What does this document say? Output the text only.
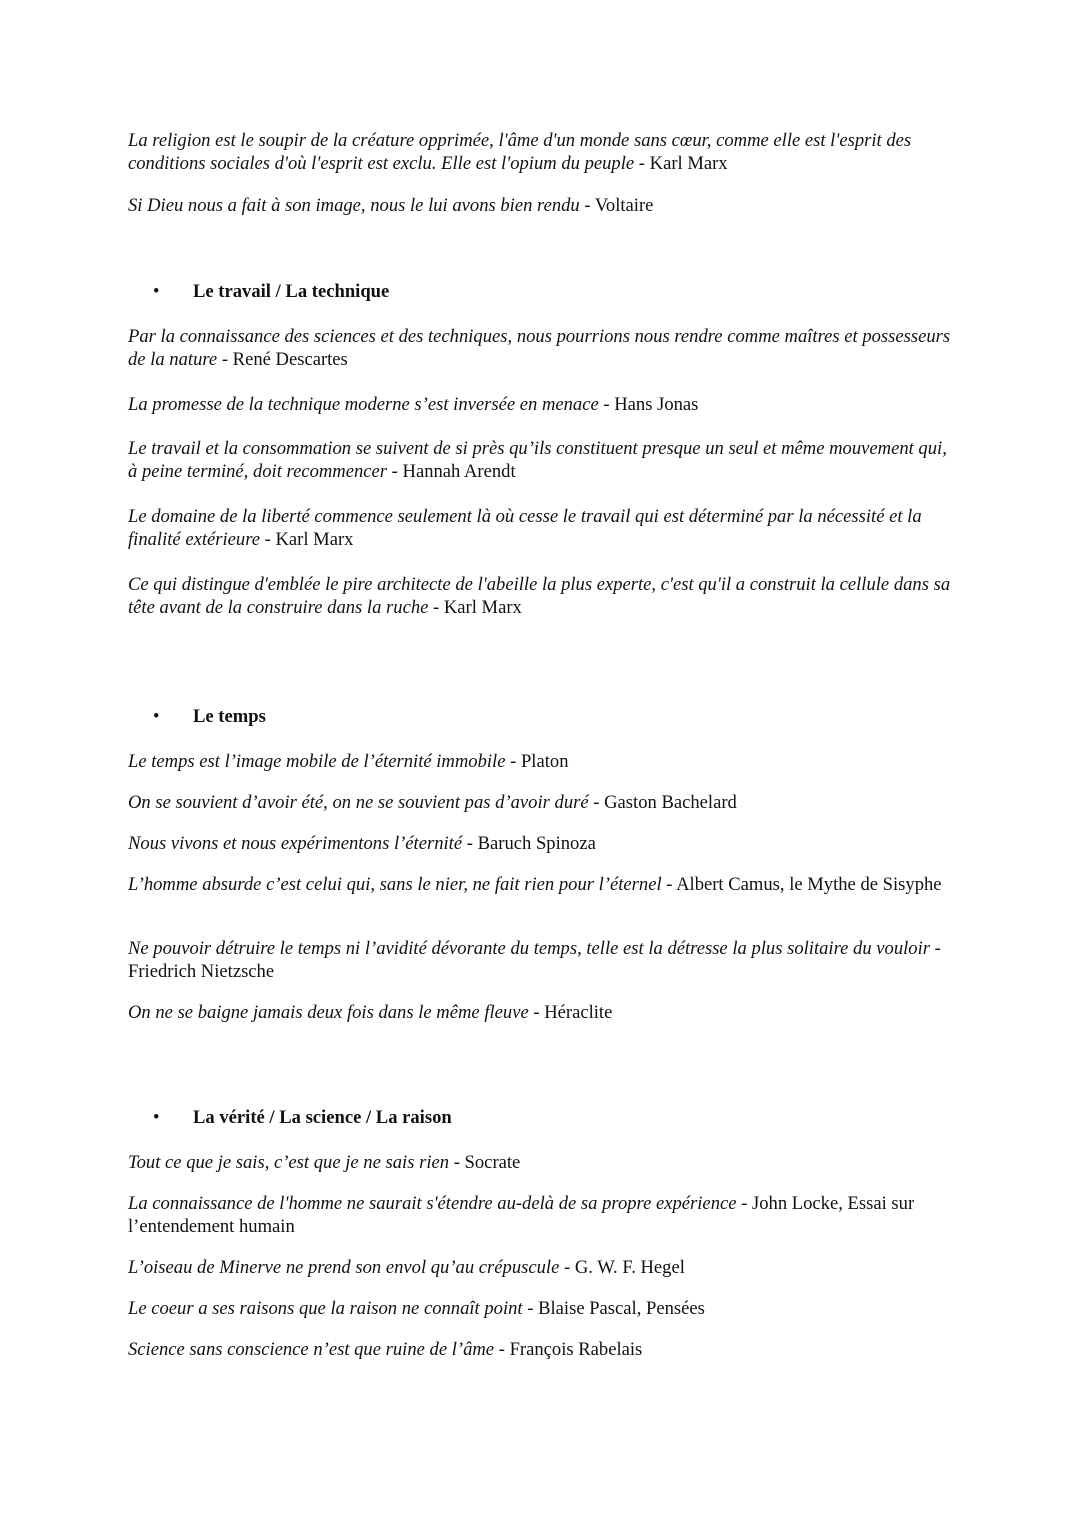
La religion est le soupir de la créature opprimée, l'âme d'un monde sans cœur, comme elle est l'esprit des conditions sociales d'où l'esprit est exclu. Elle est l'opium du peuple - Karl Marx

Si Dieu nous a fait à son image, nous le lui avons bien rendu - Voltaire

• Le travail / La technique

Par la connaissance des sciences et des techniques, nous pourrions nous rendre comme maîtres et possesseurs de la nature - René Descartes

La promesse de la technique moderne s’est inversée en menace - Hans Jonas

Le travail et la consommation se suivent de si près qu’ils constituent presque un seul et même mouvement qui, à peine terminé, doit recommencer - Hannah Arendt

Le domaine de la liberté commence seulement là où cesse le travail qui est déterminé par la nécessité et la finalité extérieure - Karl Marx

Ce qui distingue d'emblée le pire architecte de l'abeille la plus experte, c'est qu'il a construit la cellule dans sa tête avant de la construire dans la ruche - Karl Marx

• Le temps

Le temps est l’image mobile de l’éternité immobile - Platon

On se souvient d’avoir été, on ne se souvient pas d’avoir duré - Gaston Bachelard

Nous vivons et nous expérimentons l’éternité - Baruch Spinoza

L’homme absurde c’est celui qui, sans le nier, ne fait rien pour l’éternel - Albert Camus, le Mythe de Sisyphe

Ne pouvoir détruire le temps ni l’avidité dévorante du temps, telle est la détresse la plus solitaire du vouloir - Friedrich Nietzsche

On ne se baigne jamais deux fois dans le même fleuve - Héraclite

• La vérité / La science / La raison

Tout ce que je sais, c’est que je ne sais rien - Socrate

La connaissance de l'homme ne saurait s'étendre au-delà de sa propre expérience - John Locke, Essai sur l’entendement humain

L’oiseau de Minerve ne prend son envol qu’au crépuscule - G. W. F. Hegel

Le coeur a ses raisons que la raison ne connaît point - Blaise Pascal, Pensées

Science sans conscience n’est que ruine de l’âme - François Rabelais
